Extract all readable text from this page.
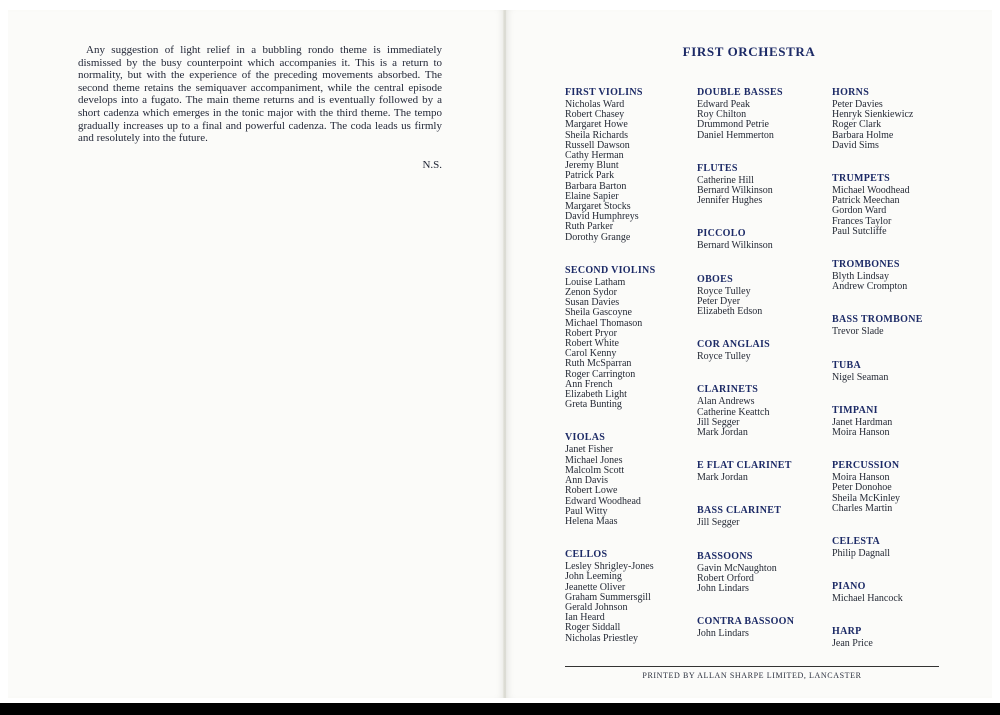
Any suggestion of light relief in a bubbling rondo theme is immediately dismissed by the busy counterpoint which accompanies it. This is a return to normality, but with the experience of the preceding movements absorbed. The second theme retains the semiquaver accompaniment, while the central episode develops into a fugato. The main theme returns and is eventually followed by a short cadenza which emerges in the tonic major with the third theme. The tempo gradually increases up to a final and powerful cadenza. The coda leads us firmly and resolutely into the future.

N.S.
FIRST ORCHESTRA
FIRST VIOLINS
Nicholas Ward
Robert Chasey
Margaret Howe
Sheila Richards
Russell Dawson
Cathy Herman
Jeremy Blunt
Patrick Park
Barbara Barton
Elaine Sapier
Margaret Stocks
David Humphreys
Ruth Parker
Dorothy Grange
SECOND VIOLINS
Louise Latham
Zenon Sydor
Susan Davies
Sheila Gascoyne
Michael Thomason
Robert Pryor
Robert White
Carol Kenny
Ruth McSparran
Roger Carrington
Ann French
Elizabeth Light
Greta Bunting
VIOLAS
Janet Fisher
Michael Jones
Malcolm Scott
Ann Davis
Robert Lowe
Edward Woodhead
Paul Witty
Helena Maas
CELLOS
Lesley Shrigley-Jones
John Leeming
Jeanette Oliver
Graham Summersgill
Gerald Johnson
Ian Heard
Roger Siddall
Nicholas Priestley
DOUBLE BASSES
Edward Peak
Roy Chilton
Drummond Petrie
Daniel Hemmerton
FLUTES
Catherine Hill
Bernard Wilkinson
Jennifer Hughes
PICCOLO
Bernard Wilkinson
OBOES
Royce Tulley
Peter Dyer
Elizabeth Edson
COR ANGLAIS
Royce Tulley
CLARINETS
Alan Andrews
Catherine Keattch
Jill Segger
Mark Jordan
E FLAT CLARINET
Mark Jordan
BASS CLARINET
Jill Segger
BASSOONS
Gavin McNaughton
Robert Orford
John Lindars
CONTRA BASSOON
John Lindars
HORNS
Peter Davies
Henryk Sienkiewicz
Roger Clark
Barbara Holme
David Sims
TRUMPETS
Michael Woodhead
Patrick Meechan
Gordon Ward
Frances Taylor
Paul Sutcliffe
TROMBONES
Blyth Lindsay
Andrew Crompton
BASS TROMBONE
Trevor Slade
TUBA
Nigel Seaman
TIMPANI
Janet Hardman
Moira Hanson
PERCUSSION
Moira Hanson
Peter Donohoe
Sheila McKinley
Charles Martin
CELESTA
Philip Dagnall
PIANO
Michael Hancock
HARP
Jean Price
PRINTED BY ALLAN SHARPE LIMITED, LANCASTER
